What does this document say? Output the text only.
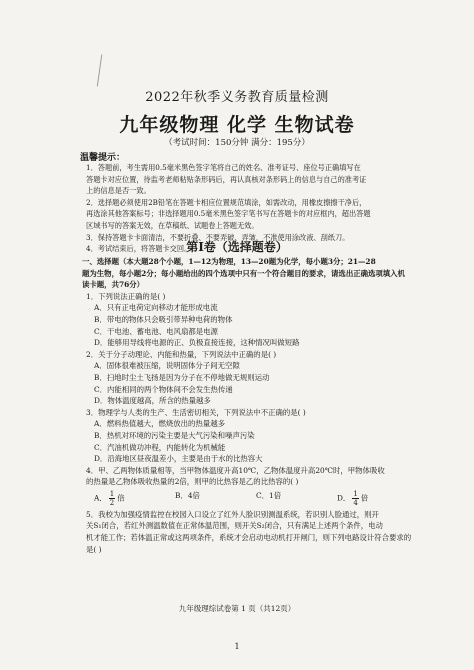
2022年秋季义务教育质量检测
九年级物理 化学 生物试卷
（考试时间：150分钟 满分：195分）
温馨提示：

1．答题前，考生需用0.5毫米黑色签字笔将自己的姓名、准考证号、座位号正确填写在

答题卡对应位置，待监考老师粘贴条形码后，再认真核对条形码上的信息与自己的准考证

上的信息是否一致。

2．选择题必须使用2B铅笔在答题卡相应位置规范填涂，如需改动，用橡皮擦擦干净后，

再选涂其他答案标号；非选择题用0.5毫米黑色签字笔书写在答题卡的对应框内，超出答题

区域书写的答案无效，在草稿纸、试题卷上答题无效。

3．保持答题卡卡面清洁，不要折叠、不要弄破、弄皱，不准使用涂改液、刮纸刀。

4．考试结束后，将答题卡交回。

第Ⅰ卷（选择题卷）

一、选择题（本大题28个小题，1—12为物理，13—20题为化学，每小题3分；21—28

题为生物，每小题2分；每小题给出的四个选项中只有一个符合题目的要求，请选出正确选项填入机

读卡题，共76分）

1．下列说法正确的是( )

A．只有正电荷定向移动才能形成电流

B．带电的物体只会吸引带异种电荷的物体

C．干电池、蓄电池、电风扇都是电源

D．能够用导线将电源的正、负极直接连接，这种情况叫做短路

2．关于分子动理论、内能和热量，下列说法中正确的是( )

A．固体很难被压缩，说明固体分子间无空隙

B．扫地时尘土飞扬是因为分子在不停地做无规则运动

C．内能相同的两个物体间不会发生热传递

D．物体温度越高，所含的热量越多

3．物理学与人类的生产、生活密切相关，下列说法中不正确的是( )

A．燃料热值越大，燃烧放出的热量越多

B．热机对环境的污染主要是大气污染和噪声污染

C．汽油机做功冲程，内能转化为机械能

D．沿海地区昼夜温差小，主要是由于水的比热容大

4．甲、乙两物体质量相等，当甲物体温度升高10℃，乙物体温度升高20℃时，甲物体吸收

的热量是乙物体吸收热量的2倍，则甲的比热容是乙的比热容的( )

A． $\frac{1}{2}$ 倍	B．4倍	C．1倍	D． $\frac{1}{4}$ 倍

5．我校为加强疫情监控在校园入口设立了红外人脸识别测温系统，若识别人脸通过，则开

关S₁闭合，若红外测温数值在正常体温范围，则开关S₂闭合，只有满足上述两个条件，电动

机才能工作；若体温正常或这两项条件，系统才会启动电动机打开闸门，则下列电路设计符合要求的

是( )

九年级理综试卷第 1 页（共12页）
1
